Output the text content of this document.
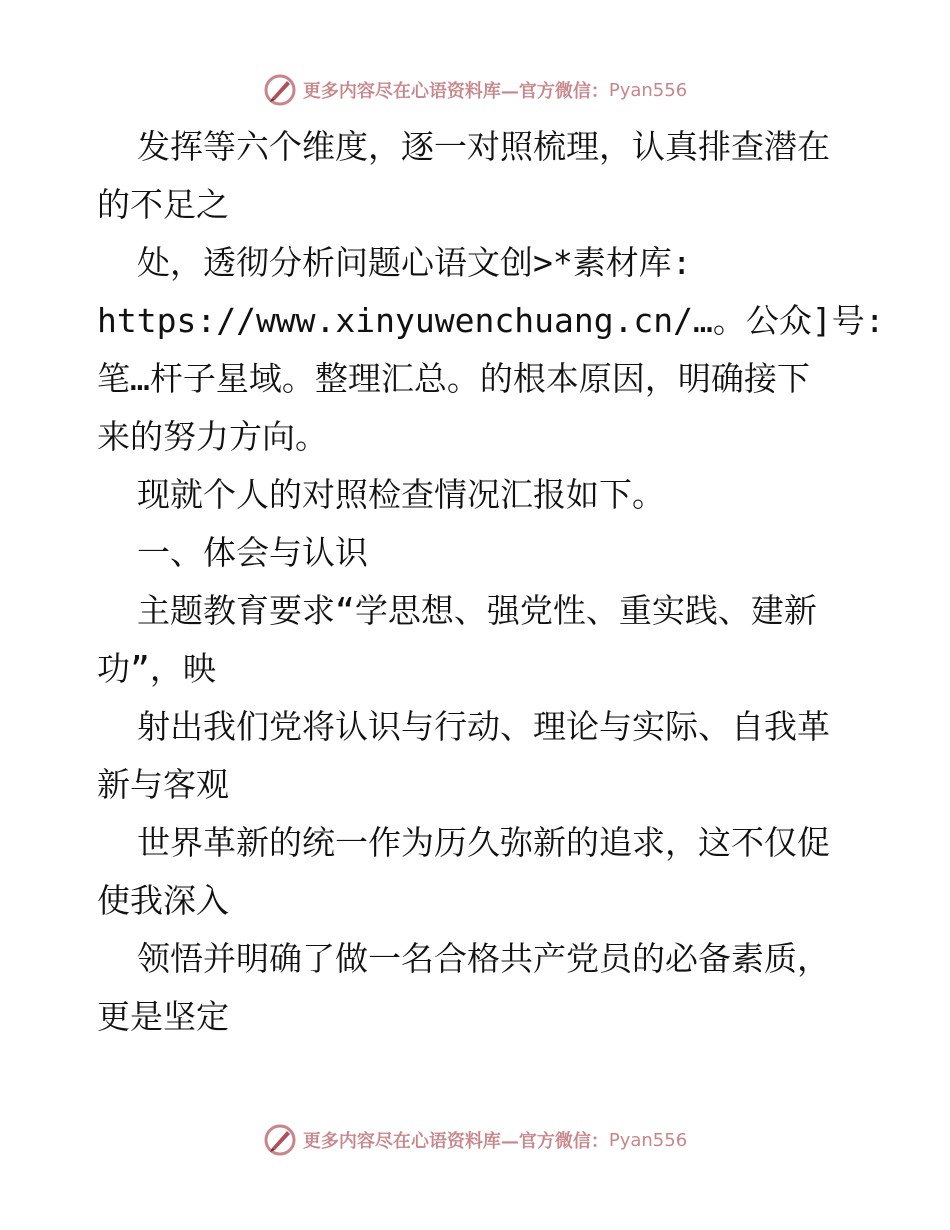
更多内容尽在心语资料库—官方微信： Pyan556
发挥等六个维度，逐一对照梳理，认真排查潜在
的不足之
处，透彻分析问题心语文创>*素材库:
https://www.xinyuwenchuang.cn/…。公众]号:
笔…杆子星域。整理汇总。的根本原因，明确接下
来的努力方向。
现就个人的对照检查情况汇报如下。
一、体会与认识
主题教育要求“学思想、强党性、重实践、建新
功”，映
射出我们党将认识与行动、理论与实际、自我革
新与客观
世界革新的统一作为历久弥新的追求，这不仅促
使我深入
领悟并明确了做一名合格共产党员的必备素质，
更是坚定
更多内容尽在心语资料库—官方微信： Pyan556
